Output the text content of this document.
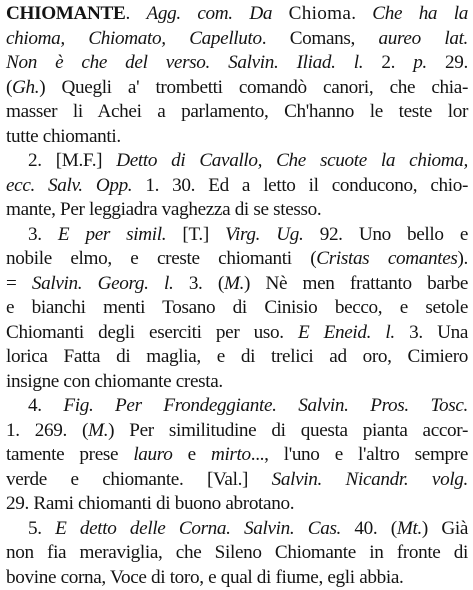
CHIOMANTE. Agg. com. Da Chioma. Che ha la
chioma, Chiomato, Capelluto. Comans, aureo lat.
Non è che del verso. Salvin. Iliad. l. 2. p. 29.
(Gh.) Quegli a' trombetti comandò canori, che chia-
masser li Achei a parlamento, Ch'hanno le teste lor
tutte chiomanti.
2. [M.F.] Detto di Cavallo, Che scuote la chioma,
ecc. Salv. Opp. 1. 30. Ed a letto il conducono, chio-
mante, Per leggiadra vaghezza di se stesso.
3. E per simil. [T.] Virg. Ug. 92. Uno bello e
nobile elmo, e creste chiomanti (Cristas comantes).
= Salvin. Georg. l. 3. (M.) Nè men frattanto barbe
e bianchi menti Tosano di Cinisio becco, e setole
Chiomanti degli eserciti per uso. E Eneid. l. 3. Una
lorica Fatta di maglia, e di trelici ad oro, Cimiero
insigne con chiomante cresta.
4. Fig. Per Frondeggiante. Salvin. Pros. Tosc.
1. 269. (M.) Per similitudine di questa pianta accor-
tamente prese lauro e mirto..., l'uno e l'altro sempre
verde e chiomante. [Val.] Salvin. Nicandr. volg.
29. Rami chiomanti di buono abrotano.
5. E detto delle Corna. Salvin. Cas. 40. (Mt.) Già
non fia meraviglia, che Sileno Chiomante in fronte di
bovine corna, Voce di toro, e qual di fiume, egli abbia.
